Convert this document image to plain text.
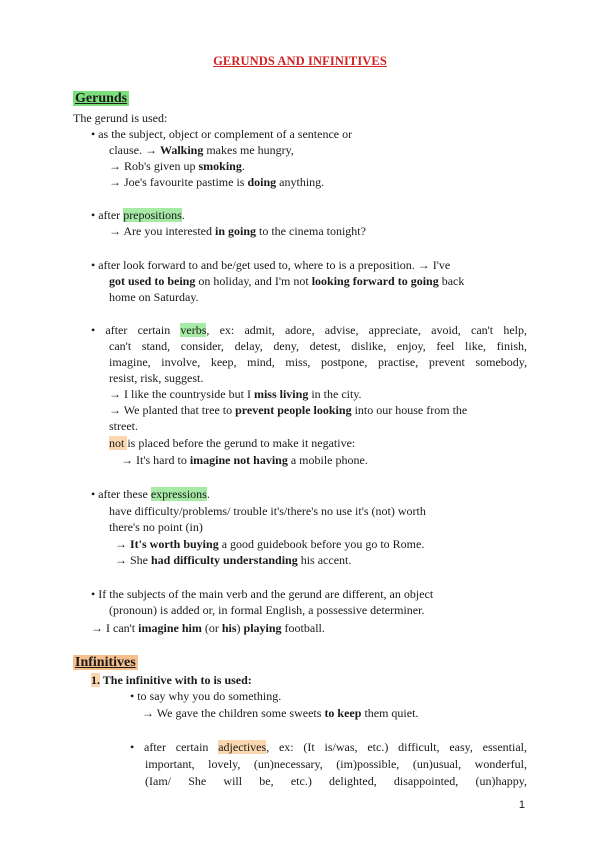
GERUNDS AND INFINITIVES
Gerunds
The gerund is used:
• as the subject, object or complement of a sentence or
clause. → Walking makes me hungry,
→ Rob's given up smoking.
→ Joe's favourite pastime is doing anything.
• after prepositions.
→ Are you interested in going to the cinema tonight?
• after look forward to and be/get used to, where to is a preposition. → I've
got used to being on holiday, and I'm not looking forward to going back
home on Saturday.
• after certain verbs, ex: admit, adore, advise, appreciate, avoid, can't help,
can't stand, consider, delay, deny, detest, dislike, enjoy, feel like, finish,
imagine, involve, keep, mind, miss, postpone, practise, prevent somebody,
resist, risk, suggest.
→ I like the countryside but I miss living in the city.
→ We planted that tree to prevent people looking into our house from the
street.
not is placed before the gerund to make it negative:
→ It's hard to imagine not having a mobile phone.
• after these expressions.
have difficulty/problems/ trouble it's/there's no use it's (not) worth
there's no point (in)
→ It's worth buying a good guidebook before you go to Rome.
→ She had difficulty understanding his accent.
• If the subjects of the main verb and the gerund are different, an object
(pronoun) is added or, in formal English, a possessive determiner.
→ I can't imagine him (or his) playing football.
Infinitives
1. The infinitive with to is used:
• to say why you do something.
→ We gave the children some sweets to keep them quiet.
• after certain adjectives, ex: (It is/was, etc.) difficult, easy, essential,
important, lovely, (un)necessary, (im)possible, (un)usual, wonderful,
(Iam/ She will be, etc.) delighted, disappointed, (un)happy,
1
